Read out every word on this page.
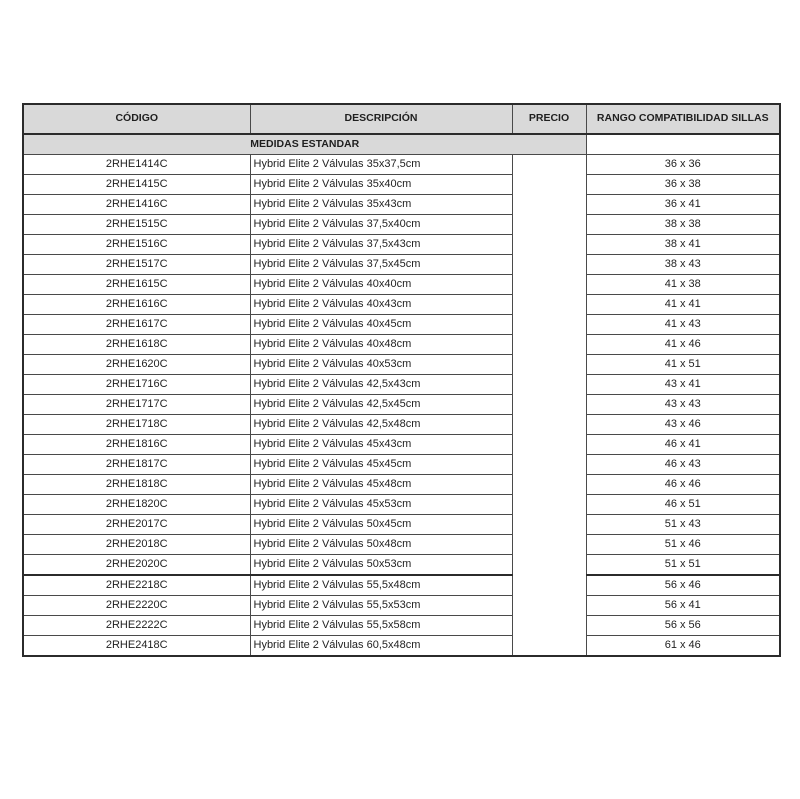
CÓDIGO	DESCRIPCIÓN	PRECIO	RANGO COMPATIBILIDAD SILLAS
MEDIDAS ESTANDAR			
2RHE1414C	Hybrid Elite 2 Válvulas 35x37,5cm		36 x 36
2RHE1415C	Hybrid Elite 2 Válvulas 35x40cm		36 x 38
2RHE1416C	Hybrid Elite 2 Válvulas 35x43cm		36 x 41
2RHE1515C	Hybrid Elite 2 Válvulas 37,5x40cm		38 x 38
2RHE1516C	Hybrid Elite 2 Válvulas 37,5x43cm		38 x 41
2RHE1517C	Hybrid Elite 2 Válvulas 37,5x45cm		38 x 43
2RHE1615C	Hybrid Elite 2 Válvulas 40x40cm		41 x 38
2RHE1616C	Hybrid Elite 2 Válvulas 40x43cm		41 x 41
2RHE1617C	Hybrid Elite 2 Válvulas 40x45cm		41 x 43
2RHE1618C	Hybrid Elite 2 Válvulas 40x48cm		41 x 46
2RHE1620C	Hybrid Elite 2 Válvulas 40x53cm		41 x 51
2RHE1716C	Hybrid Elite 2 Válvulas 42,5x43cm		43 x 41
2RHE1717C	Hybrid Elite 2 Válvulas 42,5x45cm		43 x 43
2RHE1718C	Hybrid Elite 2 Válvulas 42,5x48cm		43 x 46
2RHE1816C	Hybrid Elite 2 Válvulas 45x43cm		46 x 41
2RHE1817C	Hybrid Elite 2 Válvulas 45x45cm		46 x 43
2RHE1818C	Hybrid Elite 2 Válvulas 45x48cm		46 x 46
2RHE1820C	Hybrid Elite 2 Válvulas 45x53cm		46 x 51
2RHE2017C	Hybrid Elite 2 Válvulas 50x45cm		51 x 43
2RHE2018C	Hybrid Elite 2 Válvulas 50x48cm		51 x 46
2RHE2020C	Hybrid Elite 2 Válvulas 50x53cm		51 x 51
2RHE2218C	Hybrid Elite 2 Válvulas 55,5x48cm		56 x 46
2RHE2220C	Hybrid Elite 2 Válvulas 55,5x53cm		56 x 41
2RHE2222C	Hybrid Elite 2 Válvulas 55,5x58cm		56 x 56
2RHE2418C	Hybrid Elite 2 Válvulas 60,5x48cm		61 x 46
